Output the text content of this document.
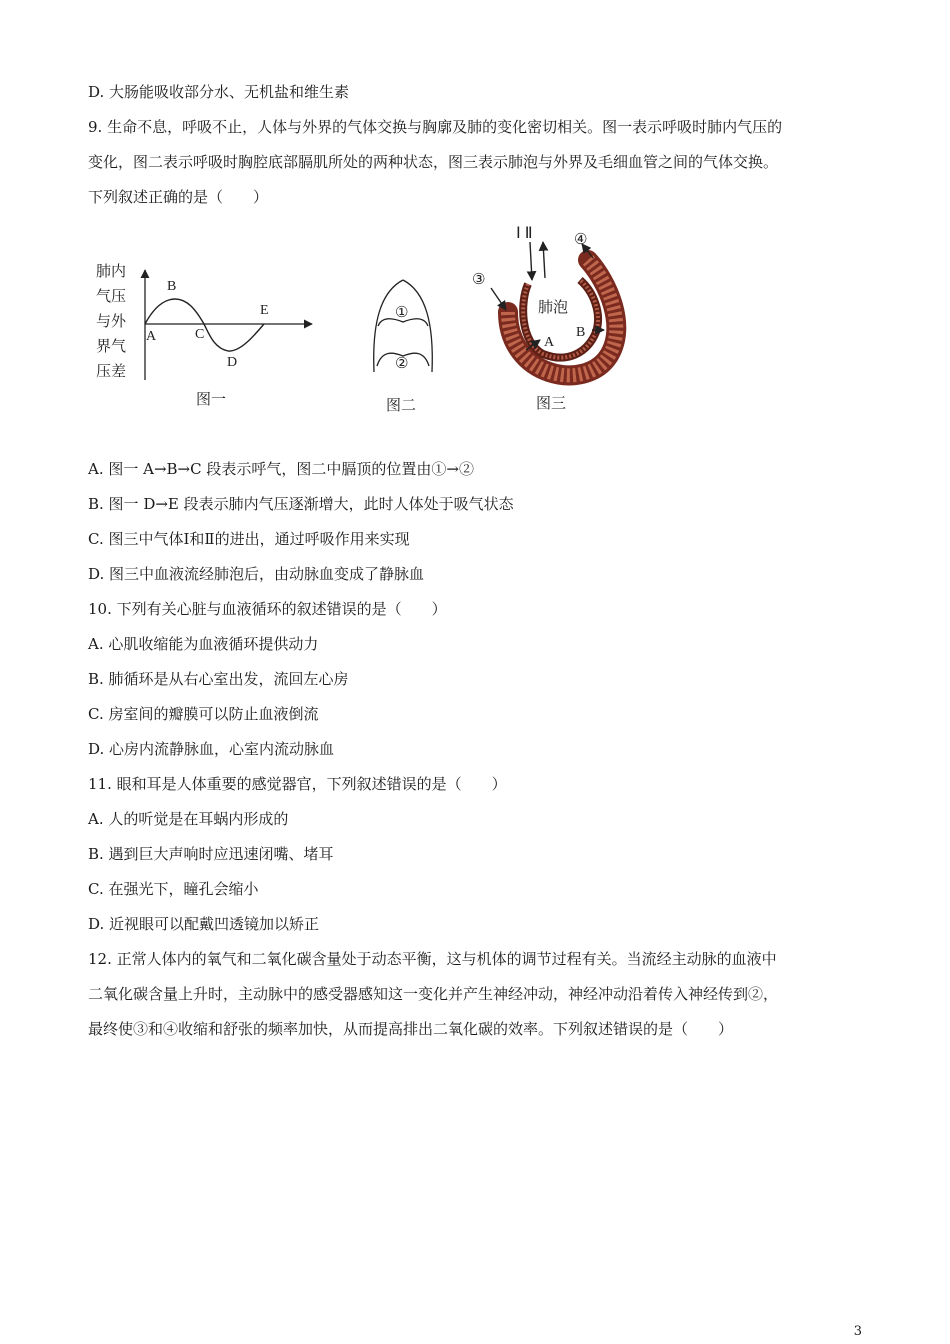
D. 大肠能吸收部分水、无机盐和维生素
9. 生命不息，呼吸不止，人体与外界的气体交换与胸廓及肺的变化密切相关。图一表示呼吸时肺内气压的
变化，图二表示呼吸时胸腔底部膈肌所处的两种状态，图三表示肺泡与外界及毛细血管之间的气体交换。
下列叙述正确的是（　　）
肺内
气压
与外
界气
压差
A
B
C
D
E
图一
①
②
图二
Ⅰ Ⅱ
③
④
肺泡
A
B
图三
A. 图一 A→B→C 段表示呼气，图二中膈顶的位置由①→②
B. 图一 D→E 段表示肺内气压逐渐增大，此时人体处于吸气状态
C. 图三中气体Ⅰ和Ⅱ的进出，通过呼吸作用来实现
D. 图三中血液流经肺泡后，由动脉血变成了静脉血
10. 下列有关心脏与血液循环的叙述错误的是（　　）
A. 心肌收缩能为血液循环提供动力
B. 肺循环是从右心室出发，流回左心房
C. 房室间的瓣膜可以防止血液倒流
D. 心房内流静脉血，心室内流动脉血
11. 眼和耳是人体重要的感觉器官，下列叙述错误的是（　　）
A. 人的听觉是在耳蜗内形成的
B. 遇到巨大声响时应迅速闭嘴、堵耳
C. 在强光下，瞳孔会缩小
D. 近视眼可以配戴凹透镜加以矫正
12. 正常人体内的氧气和二氧化碳含量处于动态平衡，这与机体的调节过程有关。当流经主动脉的血液中
二氧化碳含量上升时，主动脉中的感受器感知这一变化并产生神经冲动，神经冲动沿着传入神经传到②，
最终使③和④收缩和舒张的频率加快，从而提高排出二氧化碳的效率。下列叙述错误的是（　　）
3
